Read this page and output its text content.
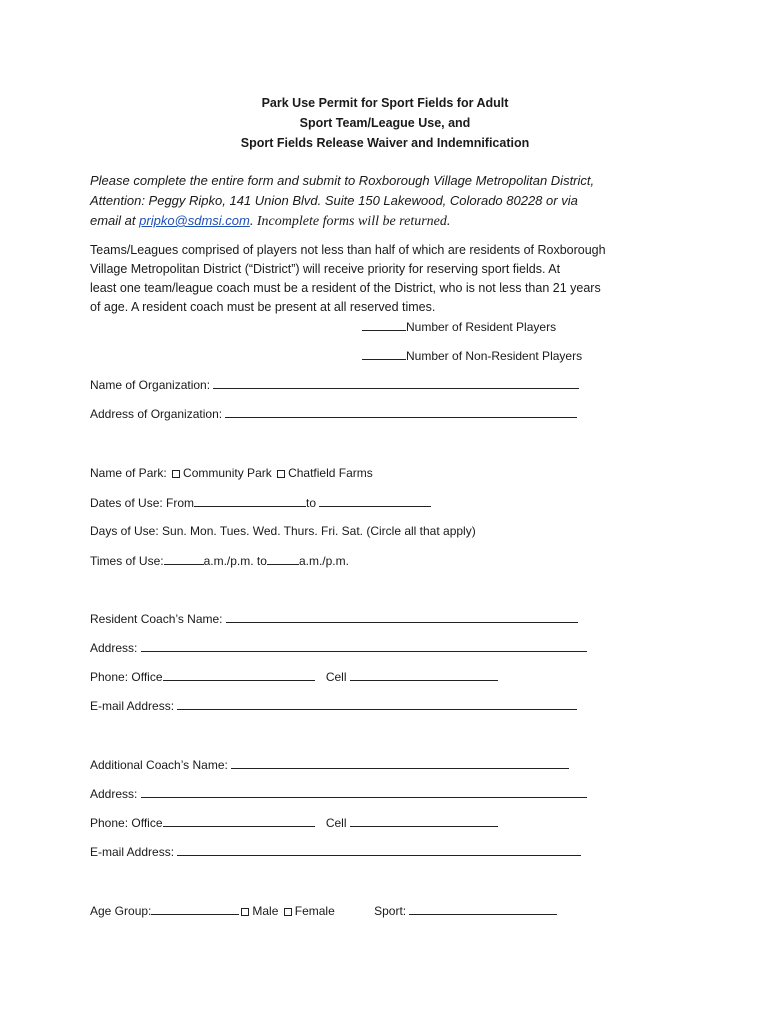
Park Use Permit for Sport Fields for Adult
Sport Team/League Use, and
Sport Fields Release Waiver and Indemnification
Please complete the entire form and submit to Roxborough Village Metropolitan District,
Attention: Peggy Ripko, 141 Union Blvd. Suite 150 Lakewood, Colorado 80228 or via
email at pripko@sdmsi.com. Incomplete forms will be returned.
Teams/Leagues comprised of players not less than half of which are residents of Roxborough
Village Metropolitan District (“District”) will receive priority for reserving sport fields. At
least one team/league coach must be a resident of the District, who is not less than 21 years
of age. A resident coach must be present at all reserved times.
Number of Resident Players
Number of Non-Resident Players
Name of Organization:
Address of Organization:
Name of Park: Community Park Chatfield Farms
Dates of Use: From	to
Days of Use: Sun. Mon. Tues. Wed. Thurs. Fri. Sat. (Circle all that apply)
Times of Use:	a.m./p.m. to	a.m./p.m.
Resident Coach’s Name:
Address:
Phone: Office	Cell
E-mail Address:
Additional Coach’s Name:
Address:
Phone: Office	Cell
E-mail Address:
Age Group:	Male Female	Sport:
